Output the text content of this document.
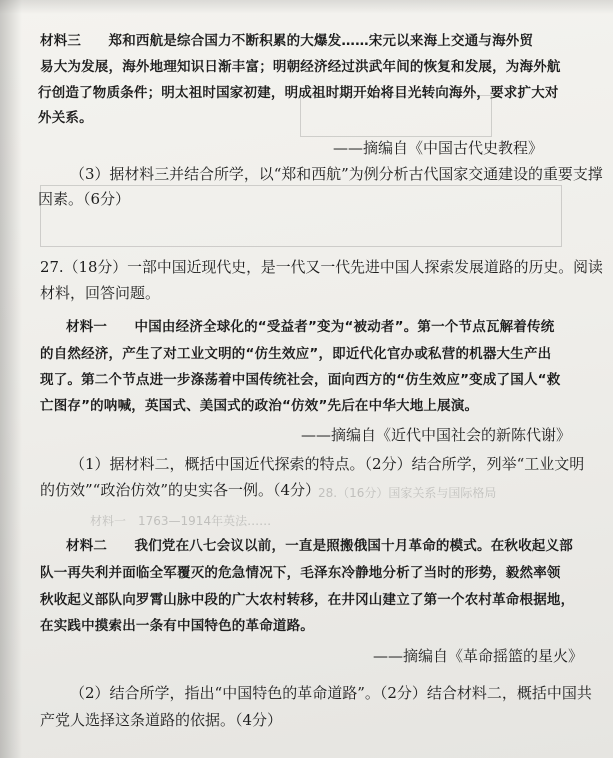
材料三　　郑和西航是综合国力不断积累的大爆发……宋元以来海上交通与海外贸
易大为发展，海外地理知识日渐丰富；明朝经济经过洪武年间的恢复和发展，为海外航
行创造了物质条件；明太祖时国家初建，明成祖时期开始将目光转向海外，要求扩大对
外关系。
——摘编自《中国古代史教程》
（3）据材料三并结合所学，以“郑和西航”为例分析古代国家交通建设的重要支撑
因素。（6分）
27.（18分）一部中国近现代史，是一代又一代先进中国人探索发展道路的历史。阅读
材料，回答问题。
材料一　　中国由经济全球化的“受益者”变为“被动者”。第一个节点瓦解着传统
的自然经济，产生了对工业文明的“仿生效应”，即近代化官办或私营的机器大生产出
现了。第二个节点进一步涤荡着中国传统社会，面向西方的“仿生效应”变成了国人“救
亡图存”的呐喊，英国式、美国式的政治“仿效”先后在中华大地上展演。
——摘编自《近代中国社会的新陈代谢》
（1）据材料二，概括中国近代探索的特点。（2分）结合所学，列举“工业文明
的仿效”“政治仿效”的史实各一例。（4分）
28.（16分）国家关系与国际格局
材料一　1763—1914年英法……
材料二　　我们党在八七会议以前，一直是照搬俄国十月革命的模式。在秋收起义部
队一再失利并面临全军覆灭的危急情况下，毛泽东冷静地分析了当时的形势，毅然率领
秋收起义部队向罗霄山脉中段的广大农村转移，在井冈山建立了第一个农村革命根据地，
在实践中摸索出一条有中国特色的革命道路。
——摘编自《革命摇篮的星火》
（2）结合所学，指出“中国特色的革命道路”。（2分）结合材料二，概括中国共
产党人选择这条道路的依据。（4分）
